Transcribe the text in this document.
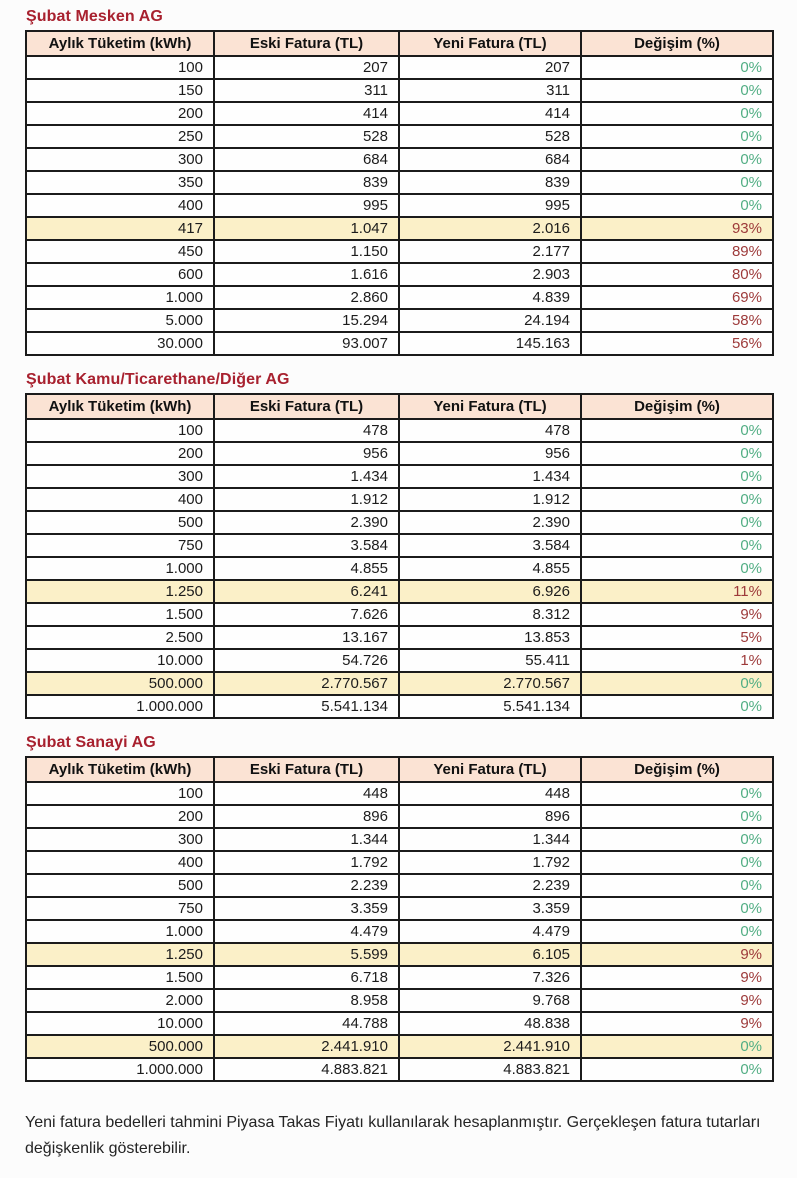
Şubat Mesken AG
Aylık Tüketim (kWh)	Eski Fatura (TL)	Yeni Fatura (TL)	Değişim (%)
100	207	207	0%
150	311	311	0%
200	414	414	0%
250	528	528	0%
300	684	684	0%
350	839	839	0%
400	995	995	0%
417	1.047	2.016	93%
450	1.150	2.177	89%
600	1.616	2.903	80%
1.000	2.860	4.839	69%
5.000	15.294	24.194	58%
30.000	93.007	145.163	56%
Şubat Kamu/Ticarethane/Diğer AG
Aylık Tüketim (kWh)	Eski Fatura (TL)	Yeni Fatura (TL)	Değişim (%)
100	478	478	0%
200	956	956	0%
300	1.434	1.434	0%
400	1.912	1.912	0%
500	2.390	2.390	0%
750	3.584	3.584	0%
1.000	4.855	4.855	0%
1.250	6.241	6.926	11%
1.500	7.626	8.312	9%
2.500	13.167	13.853	5%
10.000	54.726	55.411	1%
500.000	2.770.567	2.770.567	0%
1.000.000	5.541.134	5.541.134	0%
Şubat Sanayi AG
Aylık Tüketim (kWh)	Eski Fatura (TL)	Yeni Fatura (TL)	Değişim (%)
100	448	448	0%
200	896	896	0%
300	1.344	1.344	0%
400	1.792	1.792	0%
500	2.239	2.239	0%
750	3.359	3.359	0%
1.000	4.479	4.479	0%
1.250	5.599	6.105	9%
1.500	6.718	7.326	9%
2.000	8.958	9.768	9%
10.000	44.788	48.838	9%
500.000	2.441.910	2.441.910	0%
1.000.000	4.883.821	4.883.821	0%

Yeni fatura bedelleri tahmini Piyasa Takas Fiyatı kullanılarak hesaplanmıştır. Gerçekleşen fatura tutarları değişkenlik gösterebilir.
